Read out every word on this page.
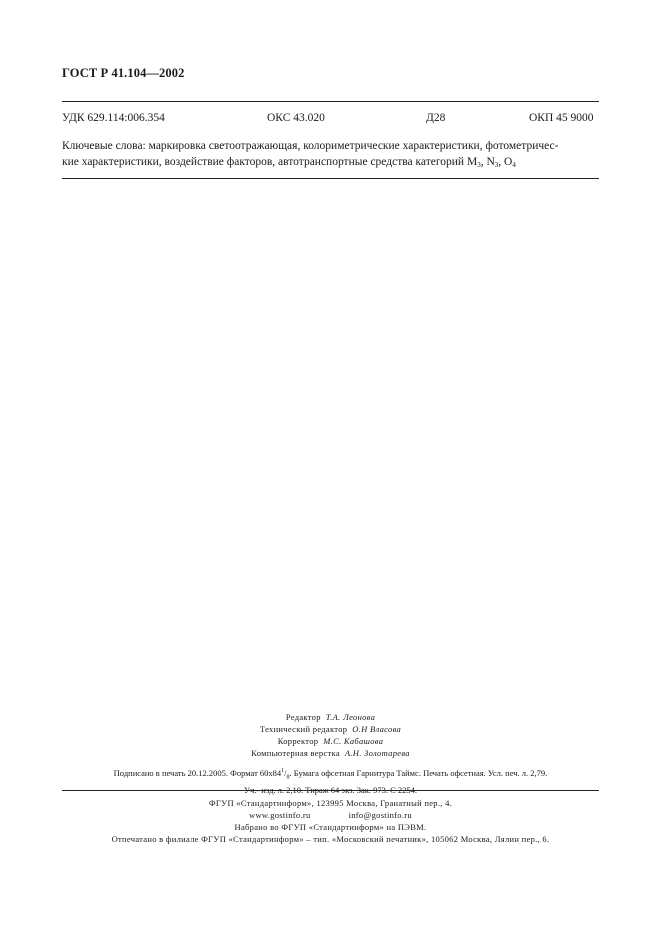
ГОСТ Р 41.104—2002
УДК 629.114:006.354	ОКС 43.020	Д28	ОКП 45 9000
Ключевые слова: маркировка светоотражающая, колориметрические характеристики, фотометричес-
кие характеристики, воздействие факторов, автотранспортные средства категорий $М_3$, $N_3$, $О_4$
Редактор Т.А. Леонова
Технический редактор О.Н Власова
Корректор М.С. Кабашова
Компьютерная верстка А.Н. Золотарева
Подписано в печать 20.12.2005. Формат $60х84^1/_8$. Бумага офсетная Гарнитура Таймс. Печать офсетная. Усл. печ. л. 2,79.
Уч.- изд. л. 2,10. Тираж 64 экз. Зак. 973. С 2254.
ФГУП «Стандартинформ», 123995 Москва, Гранатный пер., 4.
www.gostinfo.ru	info@gostinfo.ru
Набрано во ФГУП «Стандартинформ» на ПЭВМ.
Отпечатано в филиале ФГУП «Стандартинформ» – тип. «Московский печатник», 105062 Москва, Лялин пер., 6.
